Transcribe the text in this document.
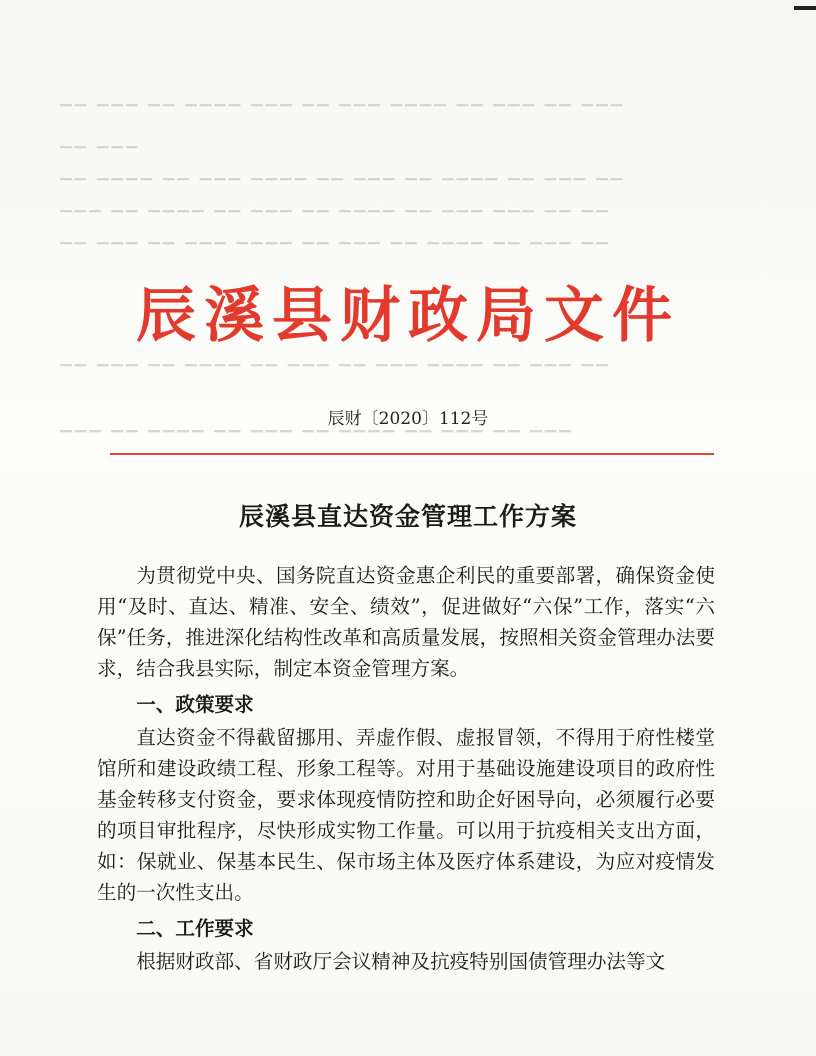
▔▔ ▔▔▔ ▔▔ ▔▔▔▔ ▔▔▔ ▔▔ ▔▔▔ ▔▔▔▔ ▔▔ ▔▔▔ ▔▔ ▔▔▔
▔▔ ▔▔▔
▔▔ ▔▔▔▔ ▔▔ ▔▔▔ ▔▔▔▔ ▔▔ ▔▔▔ ▔▔ ▔▔▔▔ ▔▔ ▔▔▔ ▔▔
▔▔▔ ▔▔ ▔▔▔▔ ▔▔ ▔▔▔ ▔▔ ▔▔▔▔ ▔▔ ▔▔▔ ▔▔▔ ▔▔ ▔▔
▔▔ ▔▔▔ ▔▔ ▔▔▔ ▔▔▔▔ ▔▔ ▔▔▔ ▔▔ ▔▔▔▔ ▔▔ ▔▔▔ ▔▔
▔▔ ▔▔▔ ▔▔ ▔▔▔▔ ▔▔ ▔▔▔ ▔▔ ▔▔▔ ▔▔▔▔ ▔▔ ▔▔▔ ▔▔
▔▔▔ ▔▔ ▔▔▔▔ ▔▔ ▔▔▔ ▔▔ ▔▔▔▔ ▔▔ ▔▔▔ ▔▔ ▔▔▔
辰溪县财政局文件
辰财〔2020〕112号
辰溪县直达资金管理工作方案

为贯彻党中央、国务院直达资金惠企利民的重要部署，确保资金使用“及时、直达、精准、安全、绩效”，促进做好“六保”工作，落实“六保”任务，推进深化结构性改革和高质量发展，按照相关资金管理办法要求，结合我县实际，制定本资金管理方案。

一、政策要求

直达资金不得截留挪用、弄虚作假、虚报冒领，不得用于府性楼堂馆所和建设政绩工程、形象工程等。对用于基础设施建设项目的政府性基金转移支付资金，要求体现疫情防控和助企好困导向，必须履行必要的项目审批程序，尽快形成实物工作量。可以用于抗疫相关支出方面，如：保就业、保基本民生、保市场主体及医疗体系建设，为应对疫情发生的一次性支出。

二、工作要求

根据财政部、省财政厅会议精神及抗疫特别国债管理办法等文
